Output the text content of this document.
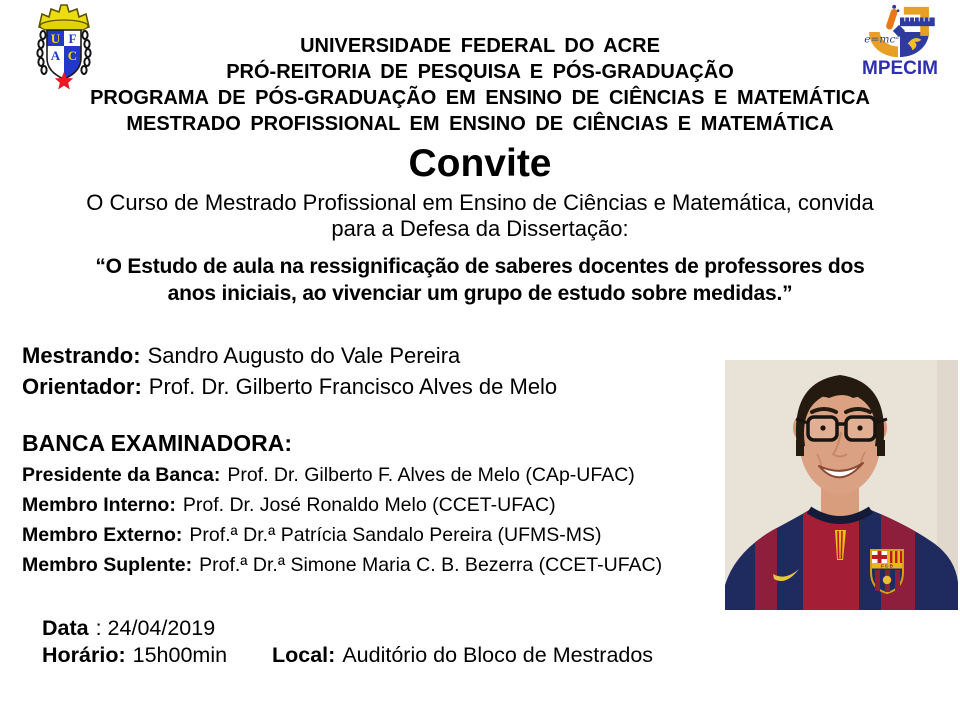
U F
A C
$e=mc^2$
MPECIM
UNIVERSIDADE FEDERAL DO ACRE
PRÓ-REITORIA DE PESQUISA E PÓS-GRADUAÇÃO
PROGRAMA DE PÓS-GRADUAÇÃO EM ENSINO DE CIÊNCIAS E MATEMÁTICA
MESTRADO PROFISSIONAL EM ENSINO DE CIÊNCIAS E MATEMÁTICA
Convite
O Curso de Mestrado Profissional em Ensino de Ciências e Matemática, convida
para a Defesa da Dissertação:
“O Estudo de aula na ressignificação de saberes docentes de professores dos
anos iniciais, ao vivenciar um grupo de estudo sobre medidas.”
Mestrando: Sandro Augusto do Vale Pereira
Orientador: Prof. Dr. Gilberto Francisco Alves de Melo
BANCA EXAMINADORA:
Presidente da Banca: Prof. Dr. Gilberto F. Alves de Melo (CAp-UFAC)
Membro Interno: Prof. Dr. José Ronaldo Melo (CCET-UFAC)
Membro Externo: Prof.ª Dr.ª Patrícia Sandalo Pereira (UFMS-MS)
Membro Suplente: Prof.ª Dr.ª Simone Maria C. B. Bezerra (CCET-UFAC)	F C B
Data : 24/04/2019
Horário: 15h00min Local: Auditório do Bloco de Mestrados
